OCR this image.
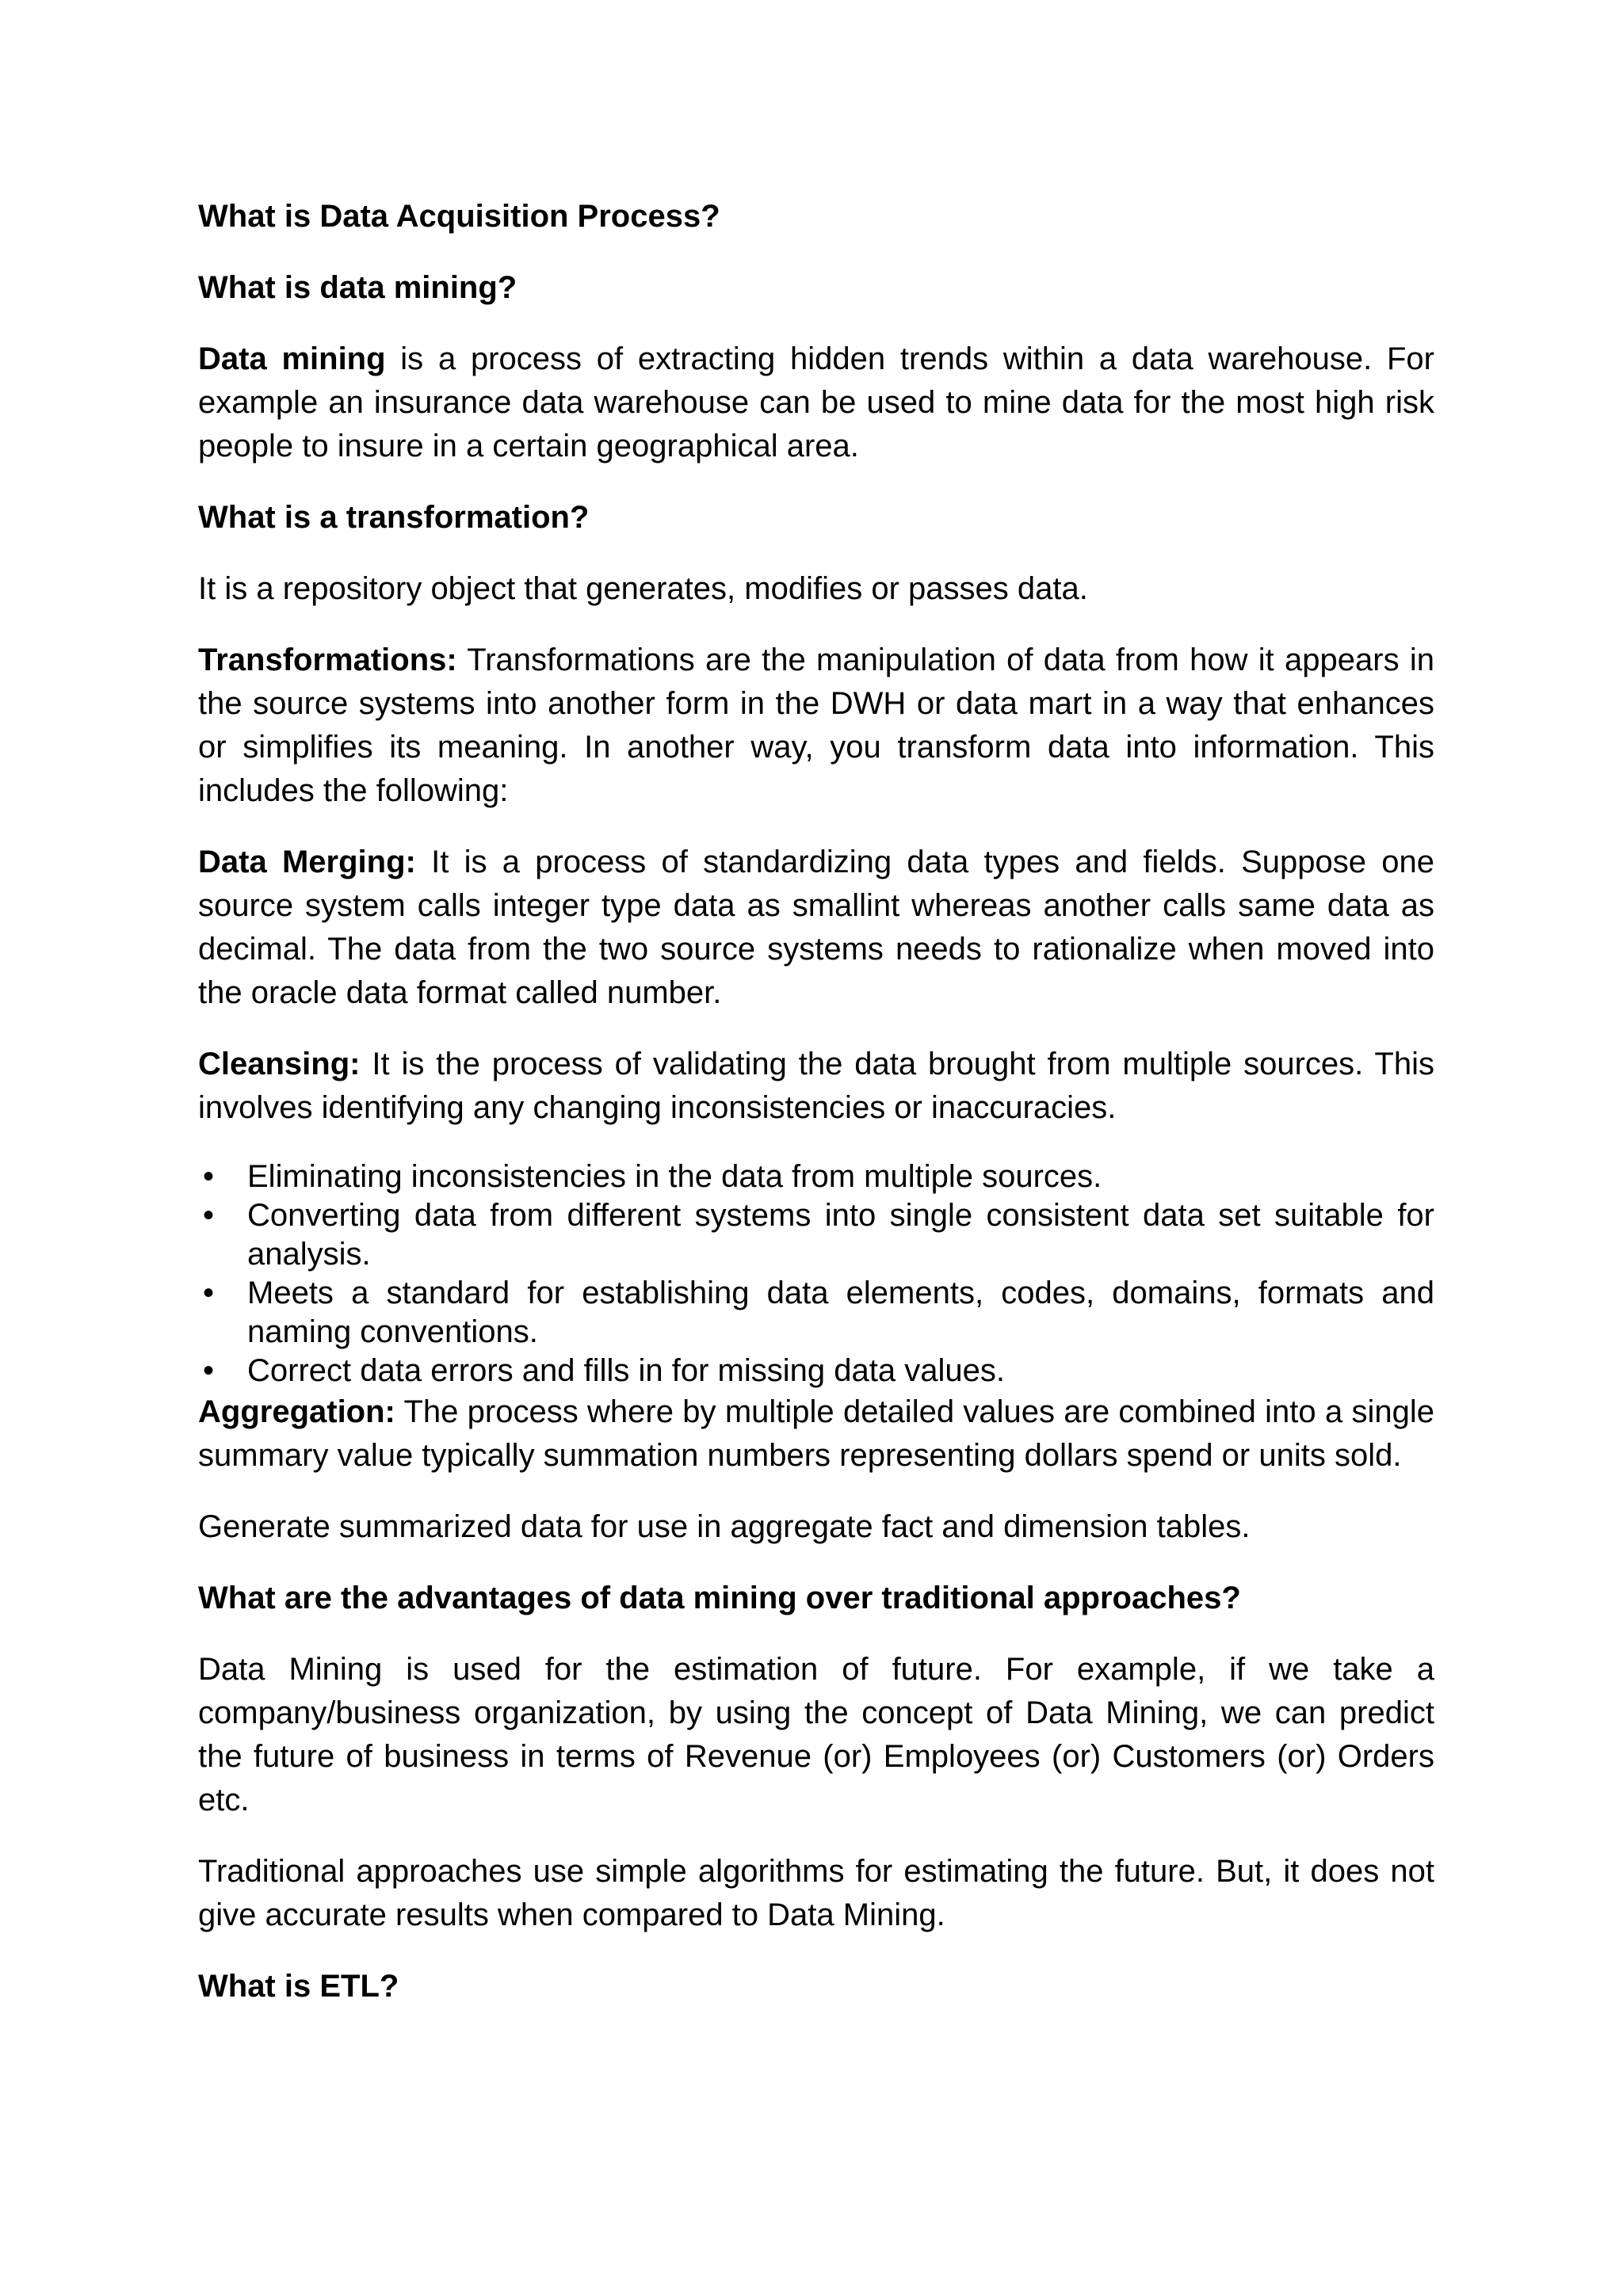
What is Data Acquisition Process?
What is data mining?

Data mining is a process of extracting hidden trends within a data warehouse. For example an insurance data warehouse can be used to mine data for the most high risk people to insure in a certain geographical area.

What is a transformation?

It is a repository object that generates, modifies or passes data.

Transformations: Transformations are the manipulation of data from how it appears in the source systems into another form in the DWH or data mart in a way that enhances or simplifies its meaning. In another way, you transform data into information. This includes the following:

Data Merging: It is a process of standardizing data types and fields. Suppose one source system calls integer type data as smallint whereas another calls same data as decimal. The data from the two source systems needs to rationalize when moved into the oracle data format called number.

Cleansing: It is the process of validating the data brought from multiple sources. This involves identifying any changing inconsistencies or inaccuracies.

• Eliminating inconsistencies in the data from multiple sources.
• Converting data from different systems into single consistent data set suitable for analysis.
• Meets a standard for establishing data elements, codes, domains, formats and naming conventions.
• Correct data errors and fills in for missing data values.

Aggregation: The process where by multiple detailed values are combined into a single summary value typically summation numbers representing dollars spend or units sold.

Generate summarized data for use in aggregate fact and dimension tables.

What are the advantages of data mining over traditional approaches?

Data Mining is used for the estimation of future. For example, if we take a company/business organization, by using the concept of Data Mining, we can predict the future of business in terms of Revenue (or) Employees (or) Customers (or) Orders etc.

Traditional approaches use simple algorithms for estimating the future. But, it does not give accurate results when compared to Data Mining.

What is ETL?
